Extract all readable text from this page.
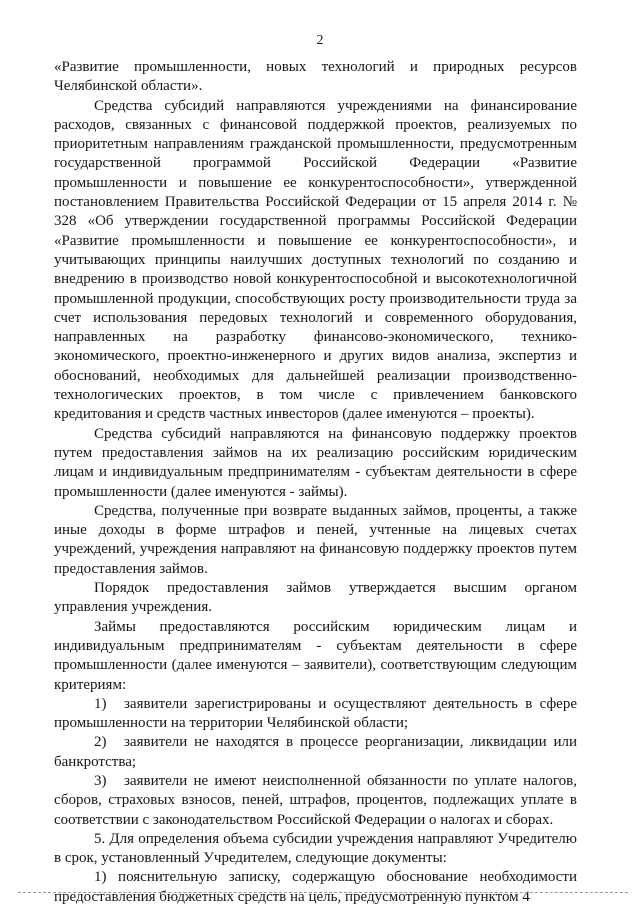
2

«Развитие промышленности, новых технологий и природных ресурсов Челябинской области».

Средства субсидий направляются учреждениями на финансирование расходов, связанных с финансовой поддержкой проектов, реализуемых по приоритетным направлениям гражданской промышленности, предусмотренным государственной программой Российской Федерации «Развитие промышленности и повышение ее конкурентоспособности», утвержденной постановлением Правительства Российской Федерации от 15 апреля 2014 г. № 328 «Об утверждении государственной программы Российской Федерации «Развитие промышленности и повышение ее конкурентоспособности», и учитывающих принципы наилучших доступных технологий по созданию и внедрению в производство новой конкурентоспособной и высокотехнологичной промышленной продукции, способствующих росту производительности труда за счет использования передовых технологий и современного оборудования, направленных на разработку финансово-экономического, технико-экономического, проектно-инженерного и других видов анализа, экспертиз и обоснований, необходимых для дальнейшей реализации производственно-технологических проектов, в том числе с привлечением банковского кредитования и средств частных инвесторов (далее именуются – проекты).

Средства субсидий направляются на финансовую поддержку проектов путем предоставления займов на их реализацию российским юридическим лицам и индивидуальным предпринимателям - субъектам деятельности в сфере промышленности (далее именуются - займы).

Средства, полученные при возврате выданных займов, проценты, а также иные доходы в форме штрафов и пеней, учтенные на лицевых счетах учреждений, учреждения направляют на финансовую поддержку проектов путем предоставления займов.

Порядок предоставления займов утверждается высшим органом управления учреждения.

Займы предоставляются российским юридическим лицам и индивидуальным предпринимателям - субъектам деятельности в сфере промышленности (далее именуются – заявители), соответствующим следующим критериям:

1) заявители зарегистрированы и осуществляют деятельность в сфере промышленности на территории Челябинской области;

2) заявители не находятся в процессе реорганизации, ликвидации или банкротства;

3) заявители не имеют неисполненной обязанности по уплате налогов, сборов, страховых взносов, пеней, штрафов, процентов, подлежащих уплате в соответствии с законодательством Российской Федерации о налогах и сборах.

5. Для определения объема субсидии учреждения направляют Учредителю в срок, установленный Учредителем, следующие документы:

1) пояснительную записку, содержащую обоснование необходимости предоставления бюджетных средств на цель, предусмотренную пунктом 4
